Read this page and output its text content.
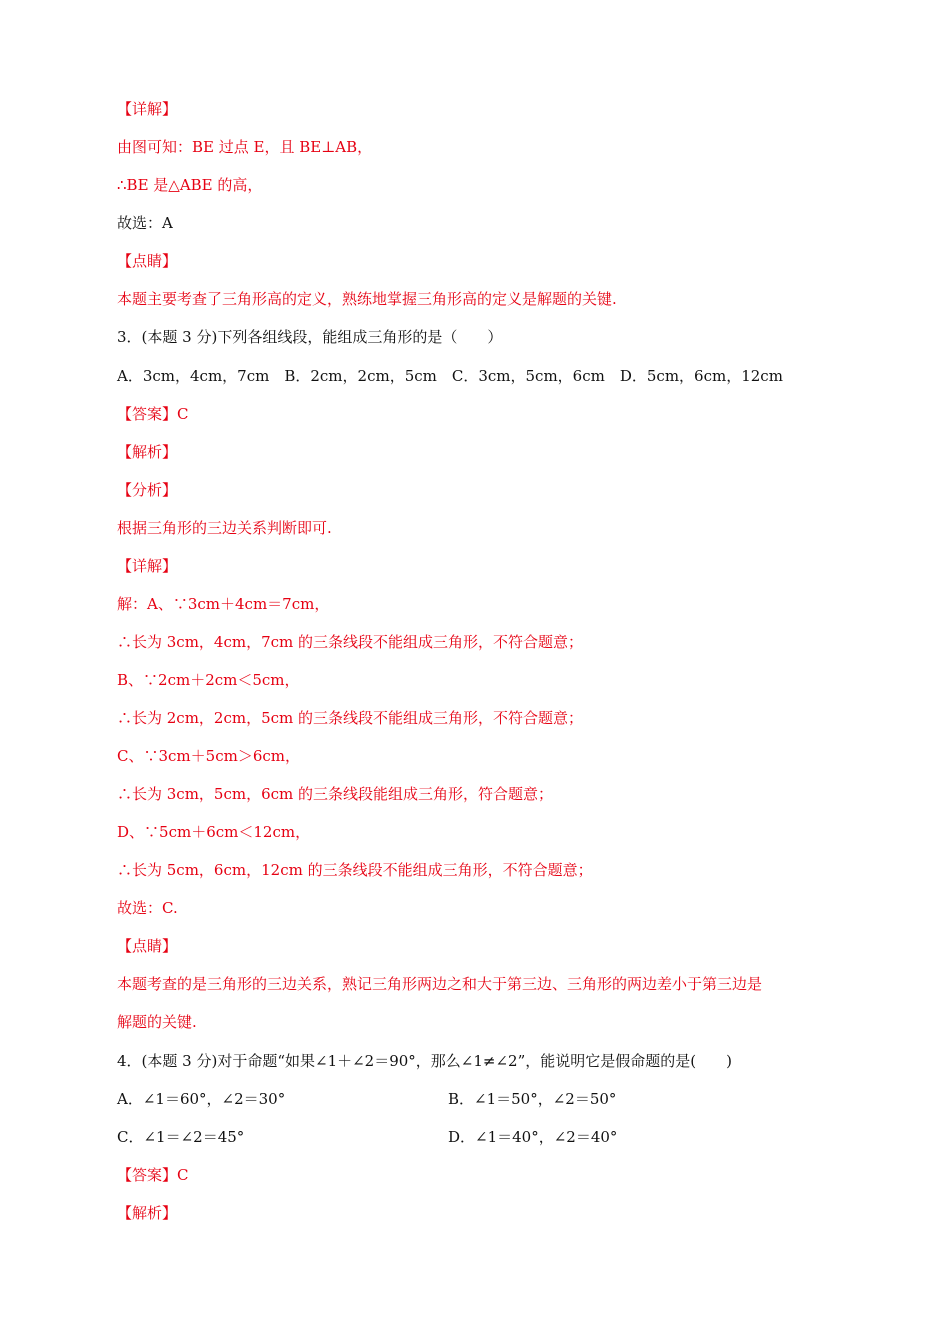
【详解】
由图可知：BE 过点 E，且 BE⊥AB，
∴BE 是△ABE 的高，
故选：A
【点睛】
本题主要考查了三角形高的定义，熟练地掌握三角形高的定义是解题的关键.
3．(本题 3 分)下列各组线段，能组成三角形的是（　　）
A．3cm，4cm，7cm　B．2cm，2cm，5cm　C．3cm，5cm，6cm　D．5cm，6cm，12cm
【答案】C
【解析】
【分析】
根据三角形的三边关系判断即可.
【详解】
解：A、∵3cm＋4cm＝7cm，
∴长为 3cm，4cm，7cm 的三条线段不能组成三角形，不符合题意；
B、∵2cm＋2cm＜5cm，
∴长为 2cm，2cm，5cm 的三条线段不能组成三角形，不符合题意；
C、∵3cm＋5cm＞6cm，
∴长为 3cm，5cm，6cm 的三条线段能组成三角形，符合题意；
D、∵5cm＋6cm＜12cm，
∴长为 5cm，6cm，12cm 的三条线段不能组成三角形，不符合题意；
故选：C.
【点睛】
本题考查的是三角形的三边关系，熟记三角形两边之和大于第三边、三角形的两边差小于第三边是
解题的关键.
4．(本题 3 分)对于命题“如果∠1＋∠2＝90°，那么∠1≠∠2”，能说明它是假命题的是(　　)
A．∠1＝60°，∠2＝30°	B．∠1＝50°，∠2＝50°
C．∠1＝∠2＝45°	D．∠1＝40°，∠2＝40°
【答案】C
【解析】
